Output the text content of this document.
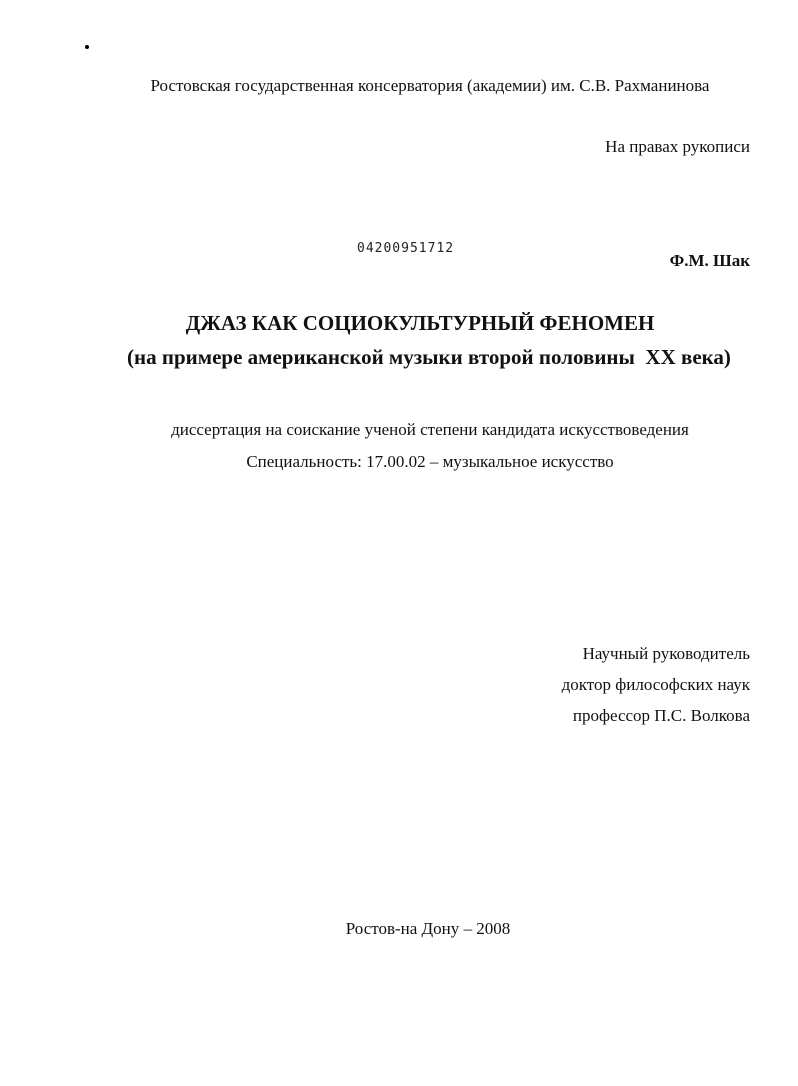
Ростовская государственная консерватория (академии) им. С.В. Рахманинова
На правах рукописи
04200951712
Ф.М. Шак
ДЖАЗ КАК СОЦИОКУЛЬТУРНЫЙ ФЕНОМЕН
(на примере американской музыки второй половины  XX века)
диссертация на соискание ученой степени кандидата искусствоведения
Специальность: 17.00.02 – музыкальное искусство
Научный руководитель
доктор философских наук
профессор П.С. Волкова
Ростов-на Дону – 2008
